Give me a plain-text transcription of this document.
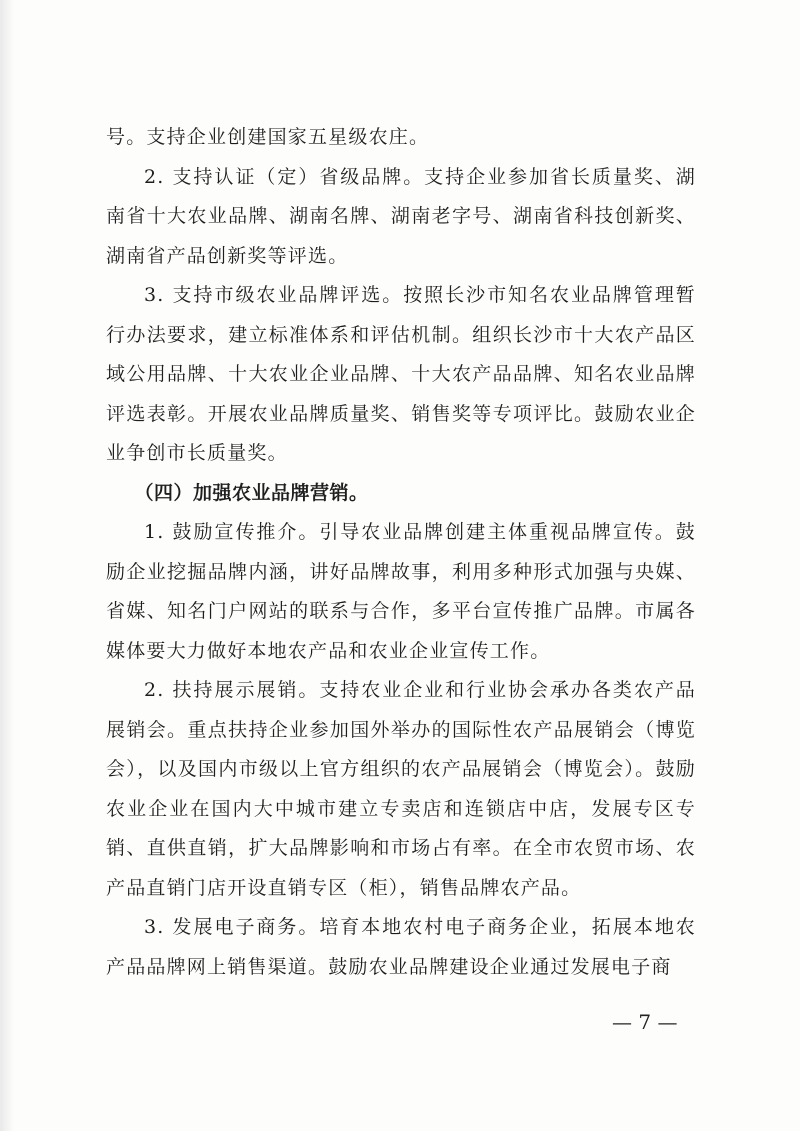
号。支持企业创建国家五星级农庄。

2. 支持认证（定）省级品牌。支持企业参加省长质量奖、湖南省十大农业品牌、湖南名牌、湖南老字号、湖南省科技创新奖、湖南省产品创新奖等评选。

3. 支持市级农业品牌评选。按照长沙市知名农业品牌管理暂行办法要求，建立标准体系和评估机制。组织长沙市十大农产品区域公用品牌、十大农业企业品牌、十大农产品品牌、知名农业品牌评选表彰。开展农业品牌质量奖、销售奖等专项评比。鼓励农业企业争创市长质量奖。

（四）加强农业品牌营销。

1. 鼓励宣传推介。引导农业品牌创建主体重视品牌宣传。鼓励企业挖掘品牌内涵，讲好品牌故事，利用多种形式加强与央媒、省媒、知名门户网站的联系与合作，多平台宣传推广品牌。市属各媒体要大力做好本地农产品和农业企业宣传工作。

2. 扶持展示展销。支持农业企业和行业协会承办各类农产品展销会。重点扶持企业参加国外举办的国际性农产品展销会（博览会），以及国内市级以上官方组织的农产品展销会（博览会）。鼓励农业企业在国内大中城市建立专卖店和连锁店中店，发展专区专销、直供直销，扩大品牌影响和市场占有率。在全市农贸市场、农产品直销门店开设直销专区（柜），销售品牌农产品。

3. 发展电子商务。培育本地农村电子商务企业，拓展本地农产品品牌网上销售渠道。鼓励农业品牌建设企业通过发展电子商

— 7 —
